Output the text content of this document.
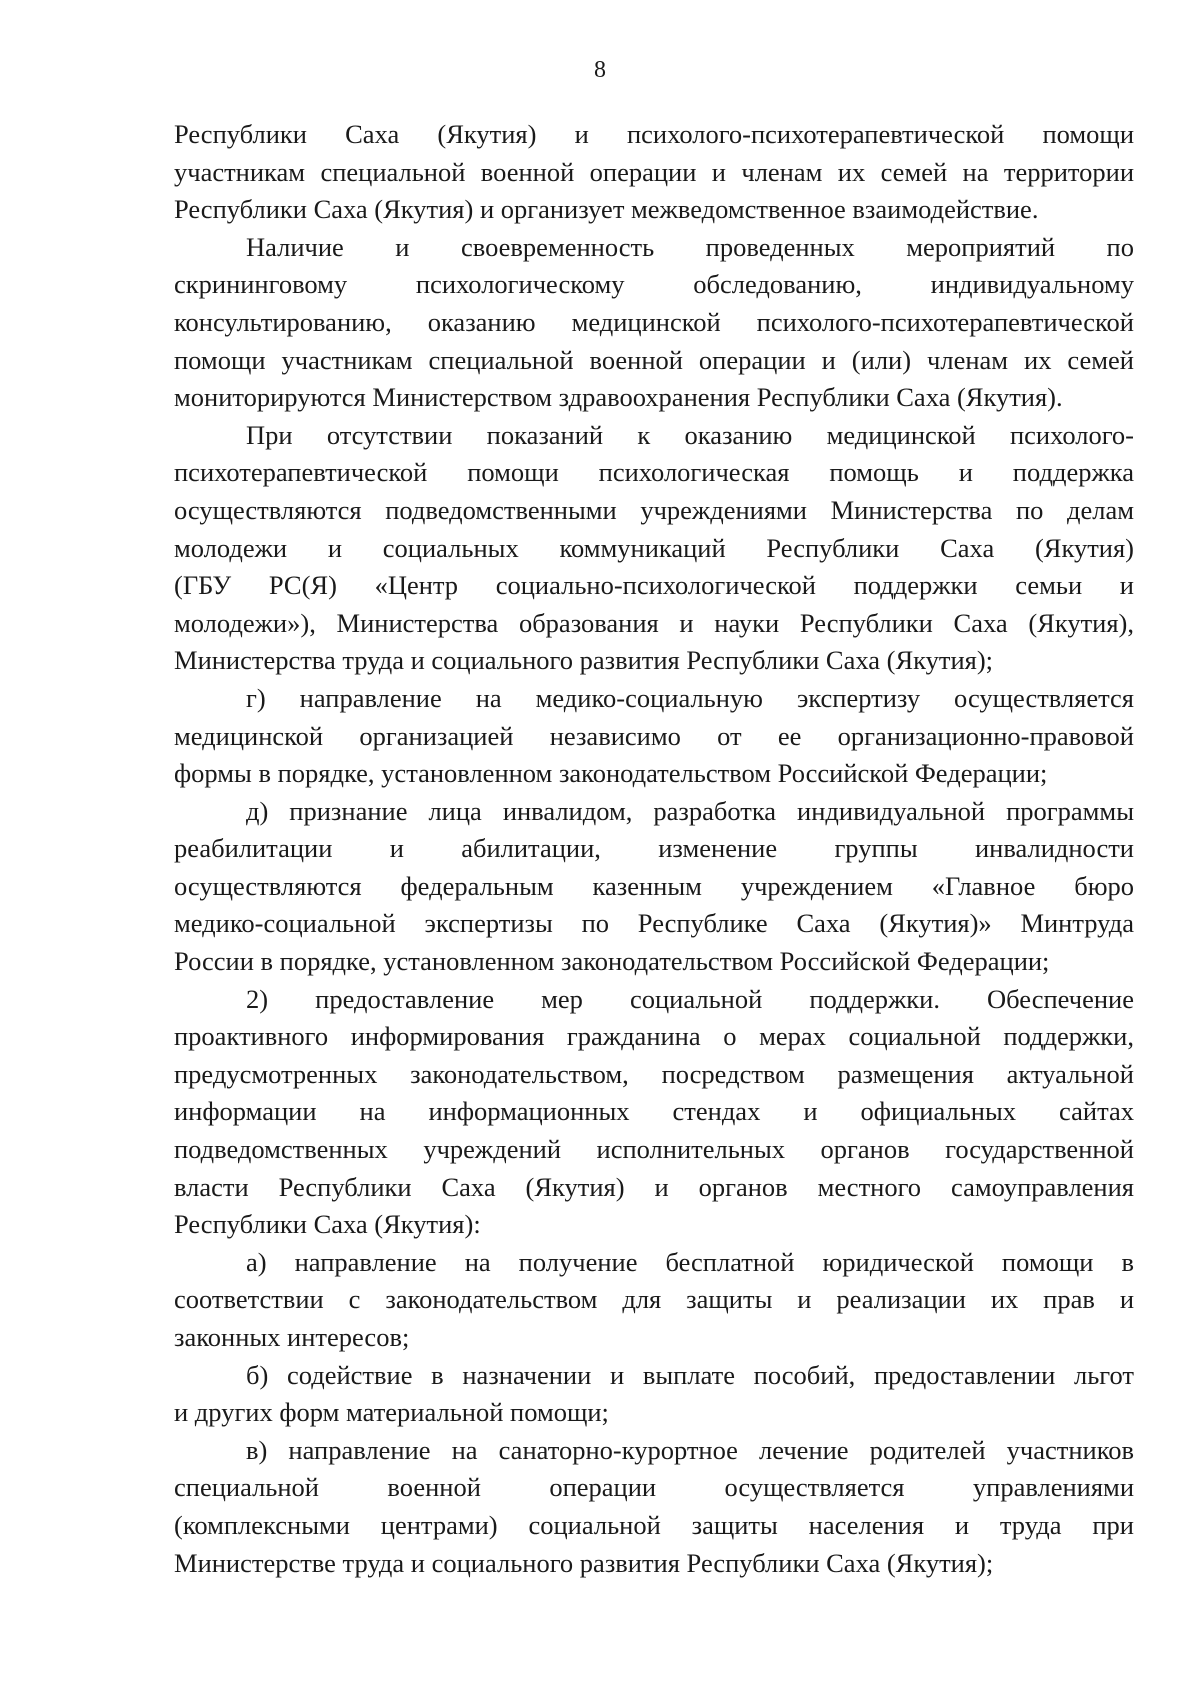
8
Республики Саха (Якутия) и психолого-психотерапевтической помощи
участникам специальной военной операции и членам их семей на территории
Республики Саха (Якутия) и организует межведомственное взаимодействие.
Наличие и своевременность проведенных мероприятий по
скрининговому психологическому обследованию, индивидуальному
консультированию, оказанию медицинской психолого-психотерапевтической
помощи участникам специальной военной операции и (или) членам их семей
мониторируются Министерством здравоохранения Республики Саха (Якутия).
При отсутствии показаний к оказанию медицинской психолого-
психотерапевтической помощи психологическая помощь и поддержка
осуществляются подведомственными учреждениями Министерства по делам
молодежи и социальных коммуникаций Республики Саха (Якутия)
(ГБУ РС(Я) «Центр социально-психологической поддержки семьи и
молодежи»), Министерства образования и науки Республики Саха (Якутия),
Министерства труда и социального развития Республики Саха (Якутия);
г) направление на медико-социальную экспертизу осуществляется
медицинской организацией независимо от ее организационно-правовой
формы в порядке, установленном законодательством Российской Федерации;
д) признание лица инвалидом, разработка индивидуальной программы
реабилитации и абилитации, изменение группы инвалидности
осуществляются федеральным казенным учреждением «Главное бюро
медико-социальной экспертизы по Республике Саха (Якутия)» Минтруда
России в порядке, установленном законодательством Российской Федерации;
2) предоставление мер социальной поддержки. Обеспечение
проактивного информирования гражданина о мерах социальной поддержки,
предусмотренных законодательством, посредством размещения актуальной
информации на информационных стендах и официальных сайтах
подведомственных учреждений исполнительных органов государственной
власти Республики Саха (Якутия) и органов местного самоуправления
Республики Саха (Якутия):
а) направление на получение бесплатной юридической помощи в
соответствии с законодательством для защиты и реализации их прав и
законных интересов;
б) содействие в назначении и выплате пособий, предоставлении льгот
и других форм материальной помощи;
в) направление на санаторно-курортное лечение родителей участников
специальной военной операции осуществляется управлениями
(комплексными центрами) социальной защиты населения и труда при
Министерстве труда и социального развития Республики Саха (Якутия);
